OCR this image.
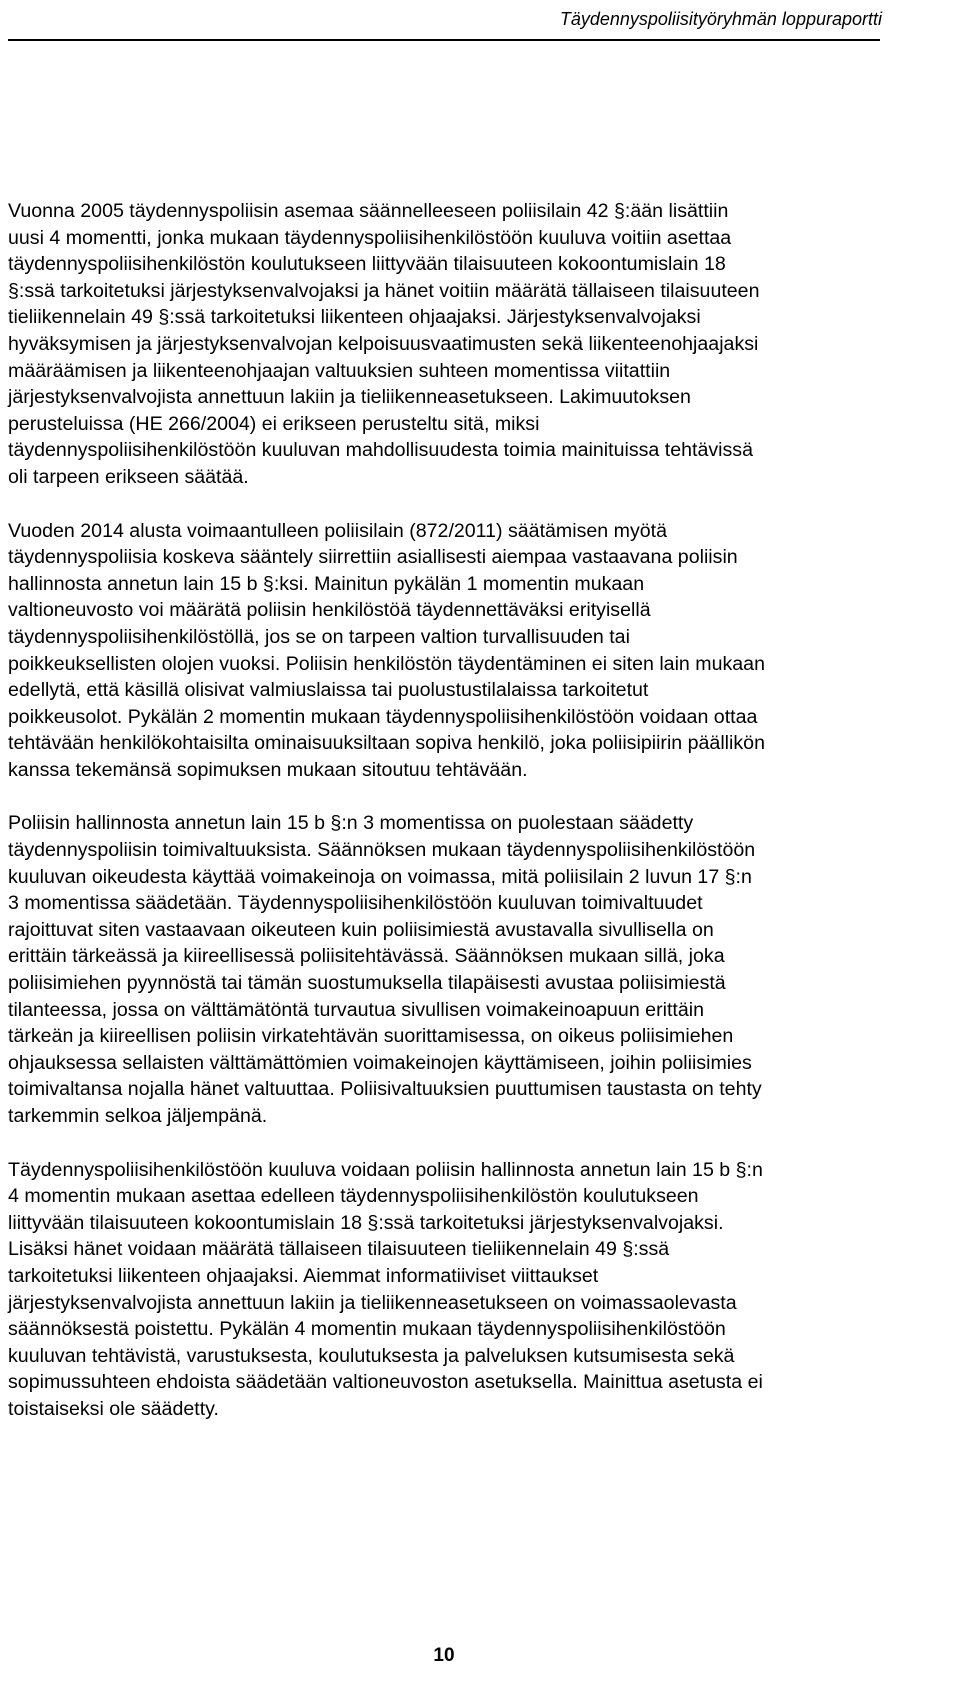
Täydennyspoliisityöryhmän loppuraportti

Vuonna 2005 täydennyspoliisin asemaa säännelleeseen poliisilain 42 §:ään lisättiin
uusi 4 momentti, jonka mukaan täydennyspoliisihenkilöstöön kuuluva voitiin asettaa
täydennyspoliisihenkilöstön koulutukseen liittyvään tilaisuuteen kokoontumislain 18
§:ssä tarkoitetuksi järjestyksenvalvojaksi ja hänet voitiin määrätä tällaiseen tilaisuuteen
tieliikennelain 49 §:ssä tarkoitetuksi liikenteen ohjaajaksi. Järjestyksenvalvojaksi
hyväksymisen ja järjestyksenvalvojan kelpoisuusvaatimusten sekä liikenteenohjaajaksi
määräämisen ja liikenteenohjaajan valtuuksien suhteen momentissa viitattiin
järjestyksenvalvojista annettuun lakiin ja tieliikenneasetukseen. Lakimuutoksen
perusteluissa (HE 266/2004) ei erikseen perusteltu sitä, miksi
täydennyspoliisihenkilöstöön kuuluvan mahdollisuudesta toimia mainituissa tehtävissä
oli tarpeen erikseen säätää.

Vuoden 2014 alusta voimaantulleen poliisilain (872/2011) säätämisen myötä
täydennyspoliisia koskeva sääntely siirrettiin asiallisesti aiempaa vastaavana poliisin
hallinnosta annetun lain 15 b §:ksi. Mainitun pykälän 1 momentin mukaan
valtioneuvosto voi määrätä poliisin henkilöstöä täydennettäväksi erityisellä
täydennyspoliisihenkilöstöllä, jos se on tarpeen valtion turvallisuuden tai
poikkeuksellisten olojen vuoksi. Poliisin henkilöstön täydentäminen ei siten lain mukaan
edellytä, että käsillä olisivat valmiuslaissa tai puolustustilalaissa tarkoitetut
poikkeusolot. Pykälän 2 momentin mukaan täydennyspoliisihenkilöstöön voidaan ottaa
tehtävään henkilökohtaisilta ominaisuuksiltaan sopiva henkilö, joka poliisipiirin päällikön
kanssa tekemänsä sopimuksen mukaan sitoutuu tehtävään.

Poliisin hallinnosta annetun lain 15 b §:n 3 momentissa on puolestaan säädetty
täydennyspoliisin toimivaltuuksista. Säännöksen mukaan täydennyspoliisihenkilöstöön
kuuluvan oikeudesta käyttää voimakeinoja on voimassa, mitä poliisilain 2 luvun 17 §:n
3 momentissa säädetään. Täydennyspoliisihenkilöstöön kuuluvan toimivaltuudet
rajoittuvat siten vastaavaan oikeuteen kuin poliisimiestä avustavalla sivullisella on
erittäin tärkeässä ja kiireellisessä poliisitehtävässä. Säännöksen mukaan sillä, joka
poliisimiehen pyynnöstä tai tämän suostumuksella tilapäisesti avustaa poliisimiestä
tilanteessa, jossa on välttämätöntä turvautua sivullisen voimakeinoapuun erittäin
tärkeän ja kiireellisen poliisin virkatehtävän suorittamisessa, on oikeus poliisimiehen
ohjauksessa sellaisten välttämättömien voimakeinojen käyttämiseen, joihin poliisimies
toimivaltansa nojalla hänet valtuuttaa. Poliisivaltuuksien puuttumisen taustasta on tehty
tarkemmin selkoa jäljempänä.

Täydennyspoliisihenkilöstöön kuuluva voidaan poliisin hallinnosta annetun lain 15 b §:n
4 momentin mukaan asettaa edelleen täydennyspoliisihenkilöstön koulutukseen
liittyvään tilaisuuteen kokoontumislain 18 §:ssä tarkoitetuksi järjestyksenvalvojaksi.
Lisäksi hänet voidaan määrätä tällaiseen tilaisuuteen tieliikennelain 49 §:ssä
tarkoitetuksi liikenteen ohjaajaksi. Aiemmat informatiiviset viittaukset
järjestyksenvalvojista annettuun lakiin ja tieliikenneasetukseen on voimassaolevasta
säännöksestä poistettu. Pykälän 4 momentin mukaan täydennyspoliisihenkilöstöön
kuuluvan tehtävistä, varustuksesta, koulutuksesta ja palveluksen kutsumisesta sekä
sopimussuhteen ehdoista säädetään valtioneuvoston asetuksella. Mainittua asetusta ei
toistaiseksi ole säädetty.

10
